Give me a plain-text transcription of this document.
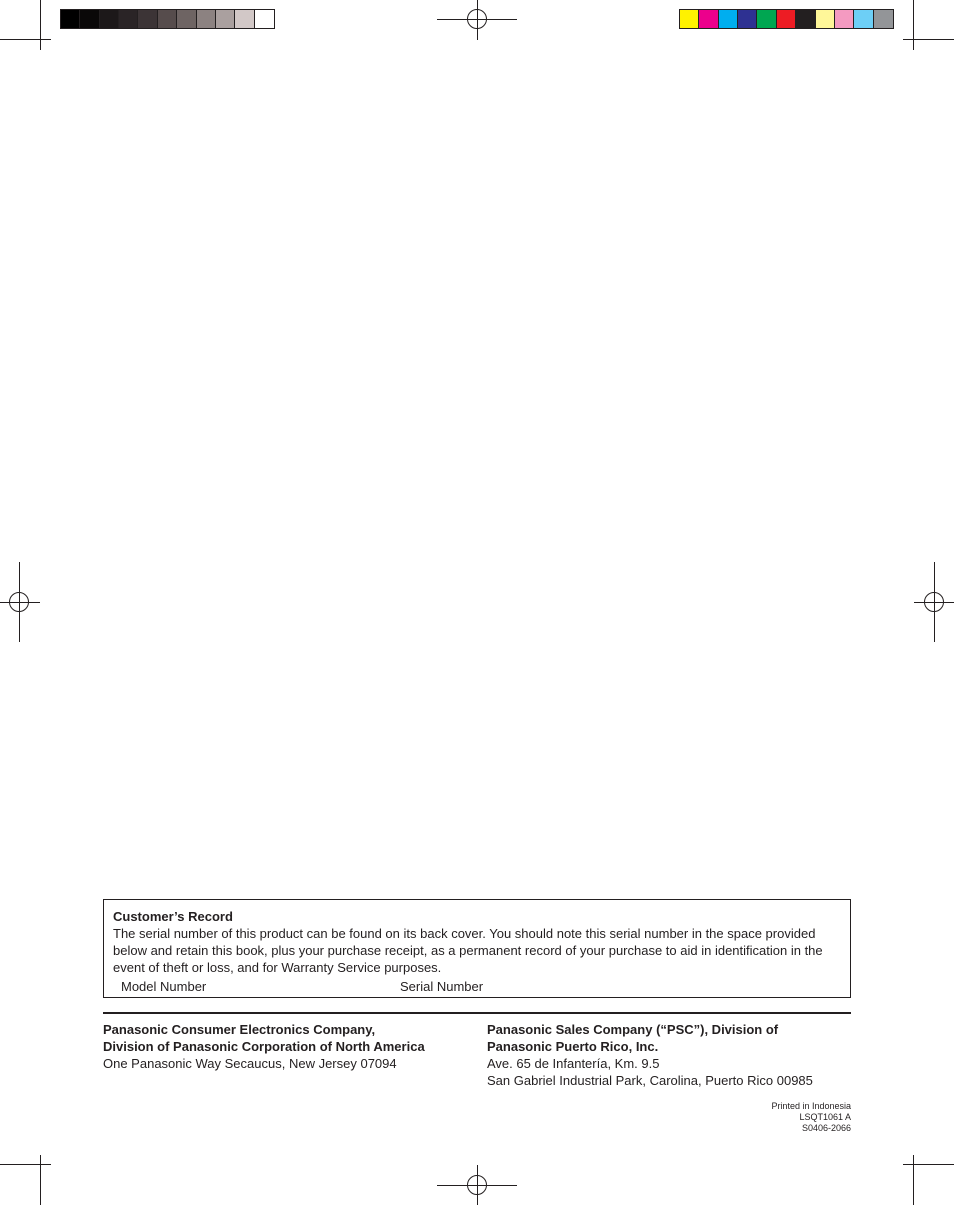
Customer’s Record
The serial number of this product can be found on its back cover. You should note this serial number in the space provided below and retain this book, plus your purchase receipt, as a permanent record of your purchase to aid in identification in the event of theft or loss, and for Warranty Service purposes.
Model Number	Serial Number
Panasonic Consumer Electronics Company,
Division of Panasonic Corporation of North America
One Panasonic Way Secaucus, New Jersey 07094
Panasonic Sales Company (“PSC”), Division of
Panasonic Puerto Rico, Inc.
Ave. 65 de Infantería, Km. 9.5
San Gabriel Industrial Park, Carolina, Puerto Rico 00985
Printed in Indonesia
LSQT1061 A
S0406-2066
